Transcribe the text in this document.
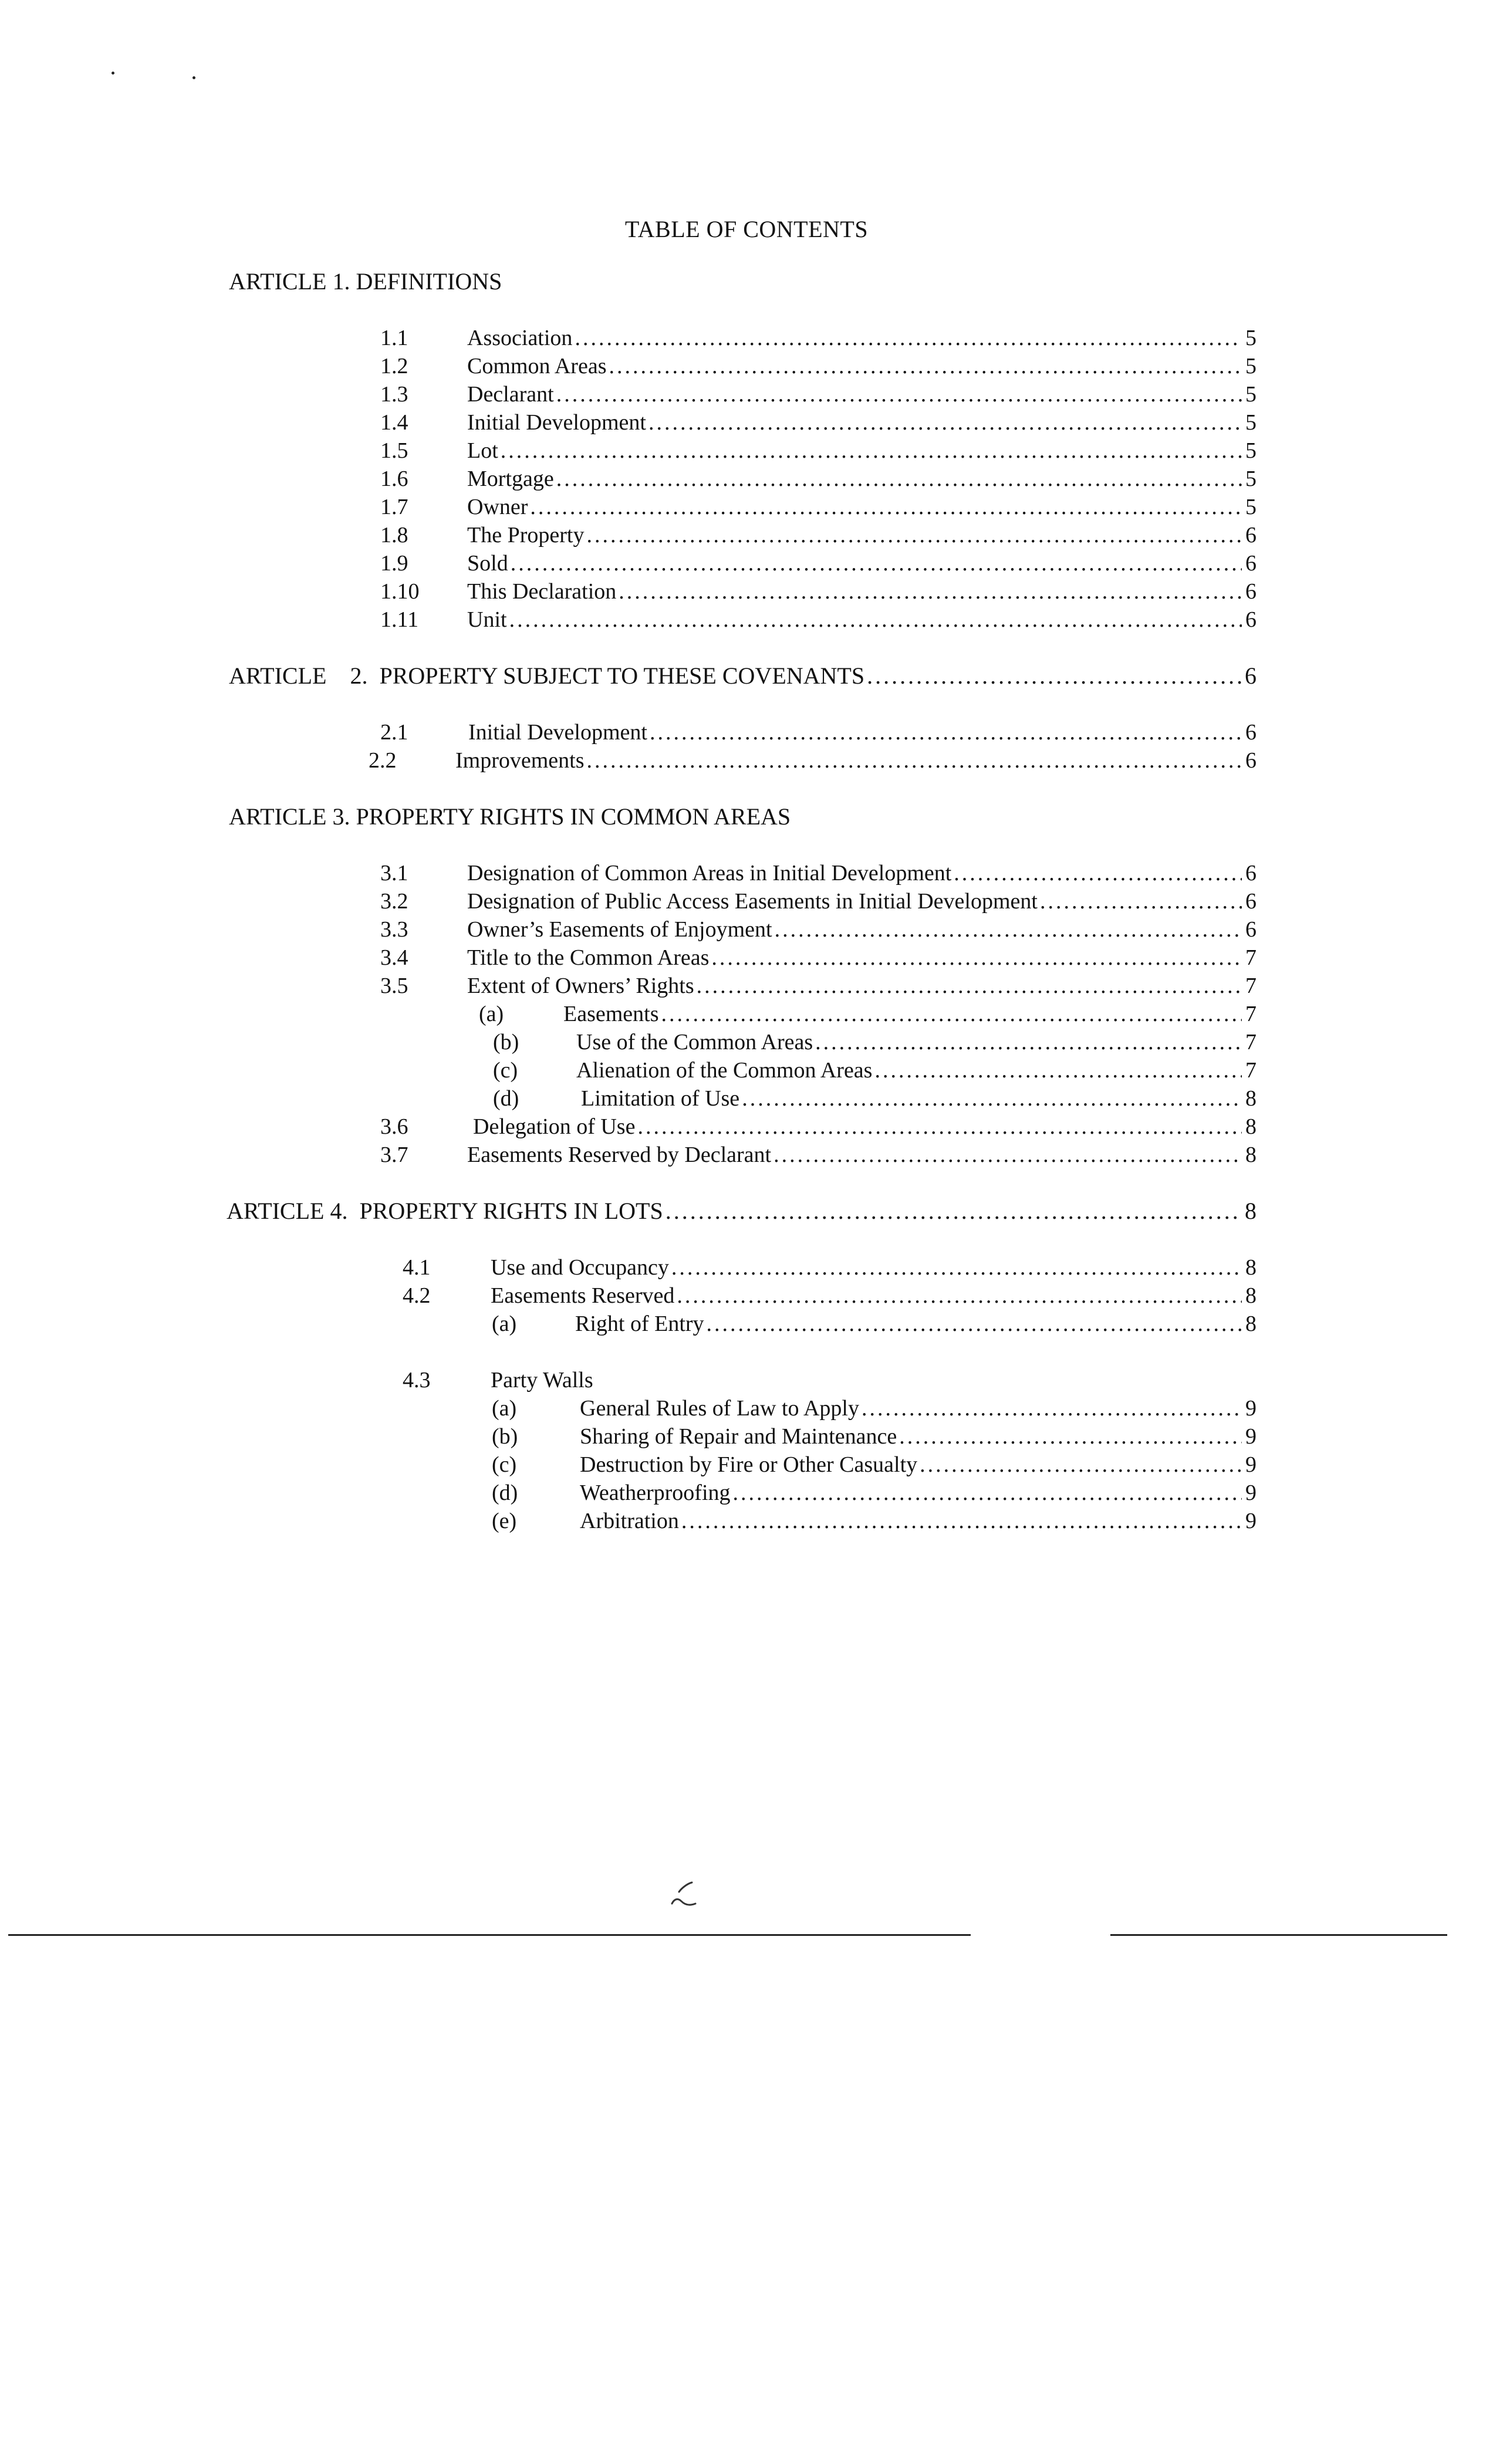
TABLE OF CONTENTS
ARTICLE 1. DEFINITIONS
1.1	Association .....	5
1.2	Common Areas .....	5
1.3	Declarant .....	5
1.4	Initial Development .....	5
1.5	Lot .....	5
1.6	Mortgage .....	5
1.7	Owner .....	5
1.8	The Property .....	6
1.9	Sold .....	6
1.10 This Declaration .....	6
1.11 Unit .....	6
ARTICLE    2.  PROPERTY SUBJECT TO THESE COVENANTS .....	6
2.1	Initial Development .....	6
2.2	Improvements .....	6
ARTICLE 3. PROPERTY RIGHTS IN COMMON AREAS
3.1	Designation of Common Areas in Initial Development .....	6
3.2	Designation of Public Access Easements in Initial Development .....	6
3.3	Owner’s Easements of Enjoyment .....	6
3.4	Title to the Common Areas .....	7
3.5	Extent of Owners’ Rights .....	7
(a)	Easements .....	7
(b)	Use of the Common Areas .....	7
(c)	Alienation of the Common Areas .....	7
(d)	Limitation of Use .....	8
3.6	Delegation of Use .....	8
3.7	Easements Reserved by Declarant .....	8
ARTICLE 4.  PROPERTY RIGHTS IN LOTS .....	8
4.1	Use and Occupancy .....	8
4.2	Easements Reserved .....	8
(a)	Right of Entry .....	8
4.3	Party Walls
(a)	General Rules of Law to Apply .....	9
(b)	Sharing of Repair and Maintenance .....	9
(c)	Destruction by Fire or Other Casualty .....	9
(d)	Weatherproofing .....	9
(e)	Arbitration .....	9
